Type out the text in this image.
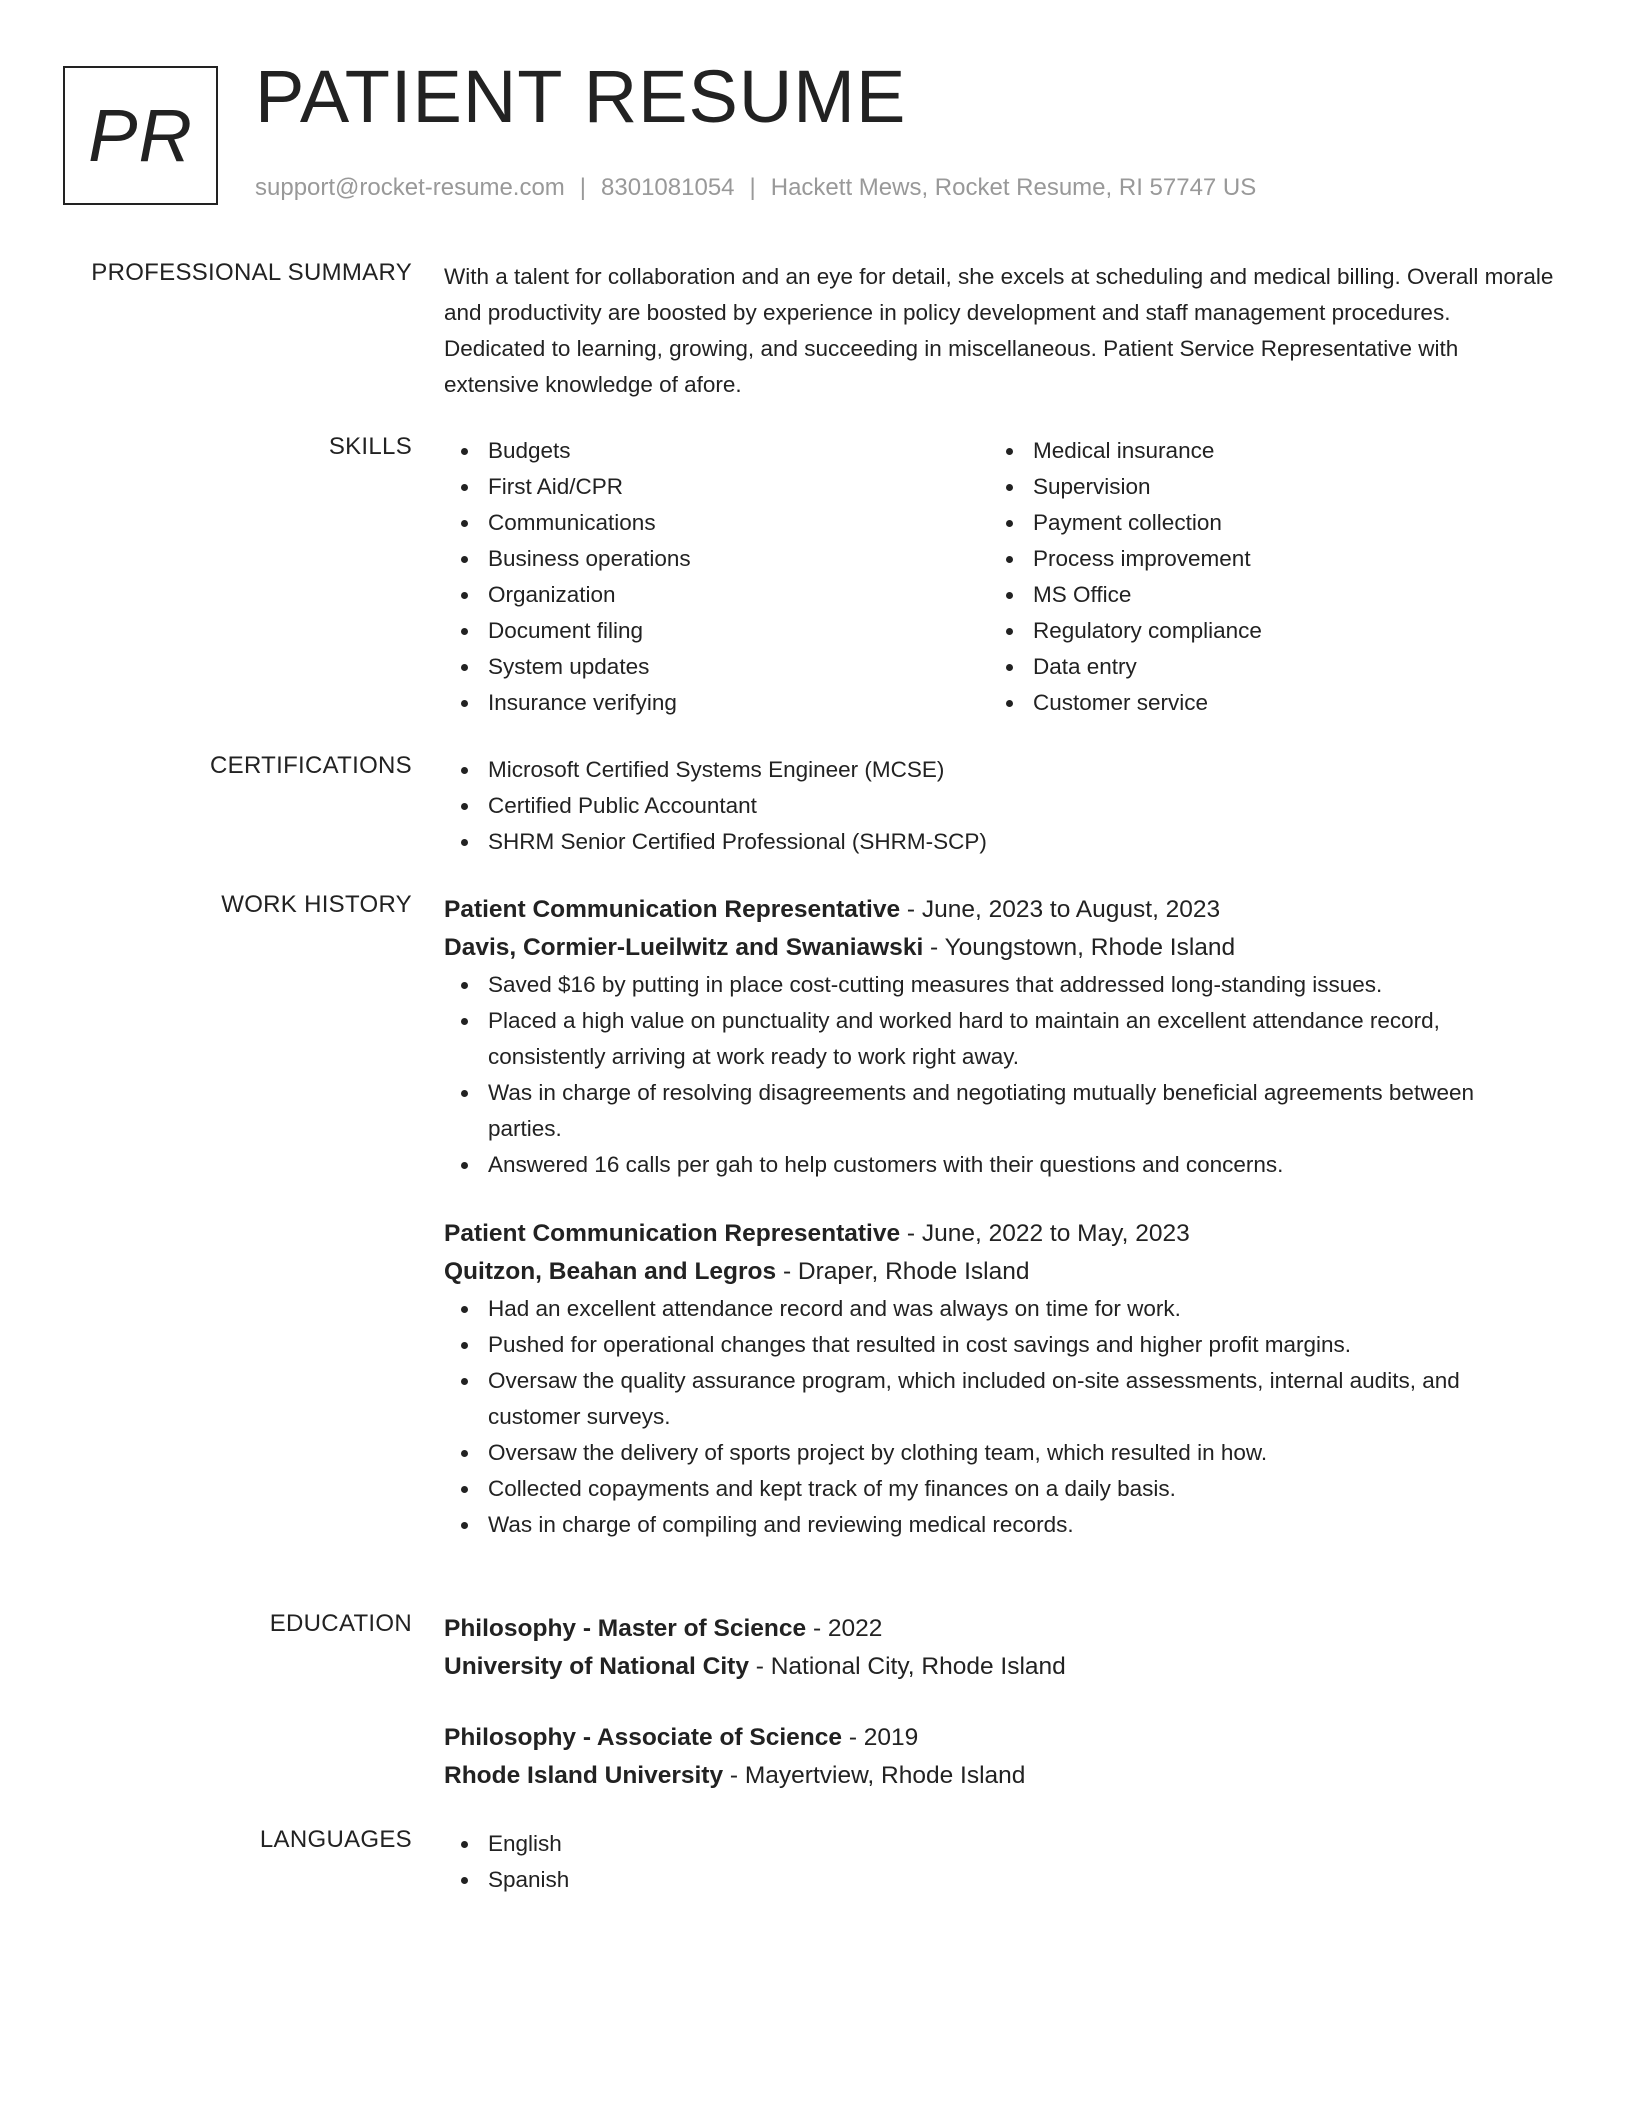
PR PATIENT RESUME
support@rocket-resume.com | 8301081054 | Hackett Mews, Rocket Resume, RI 57747 US
PROFESSIONAL SUMMARY With a talent for collaboration and an eye for detail, she excels at scheduling and medical billing. Overall morale and productivity are boosted by experience in policy development and staff management procedures. Dedicated to learning, growing, and succeeding in miscellaneous. Patient Service Representative with extensive knowledge of afore.

SKILLS	Budgets
First Aid/CPR
Communications
Business operations
Organization
Document filing
System updates
Insurance verifying
Medical insurance
Supervision
Payment collection
Process improvement
MS Office
Regulatory compliance
Data entry
Customer service
CERTIFICATIONS	Microsoft Certified Systems Engineer (MCSE)
Certified Public Accountant
SHRM Senior Certified Professional (SHRM-SCP)
WORK HISTORY Patient Communication Representative - June, 2023 to August, 2023
Davis, Cormier-Lueilwitz and Swaniawski - Youngstown, Rhode Island
Saved $16 by putting in place cost-cutting measures that addressed long-standing issues.
Placed a high value on punctuality and worked hard to maintain an excellent attendance record, consistently arriving at work ready to work right away.
Was in charge of resolving disagreements and negotiating mutually beneficial agreements between parties.
Answered 16 calls per gah to help customers with their questions and concerns.
Patient Communication Representative - June, 2022 to May, 2023
Quitzon, Beahan and Legros - Draper, Rhode Island
Had an excellent attendance record and was always on time for work.
Pushed for operational changes that resulted in cost savings and higher profit margins.
Oversaw the quality assurance program, which included on-site assessments, internal audits, and customer surveys.
Oversaw the delivery of sports project by clothing team, which resulted in how.
Collected copayments and kept track of my finances on a daily basis.
Was in charge of compiling and reviewing medical records.
EDUCATION Philosophy - Master of Science - 2022
University of National City - National City, Rhode Island
Philosophy - Associate of Science - 2019
Rhode Island University - Mayertview, Rhode Island
LANGUAGES	English
Spanish
